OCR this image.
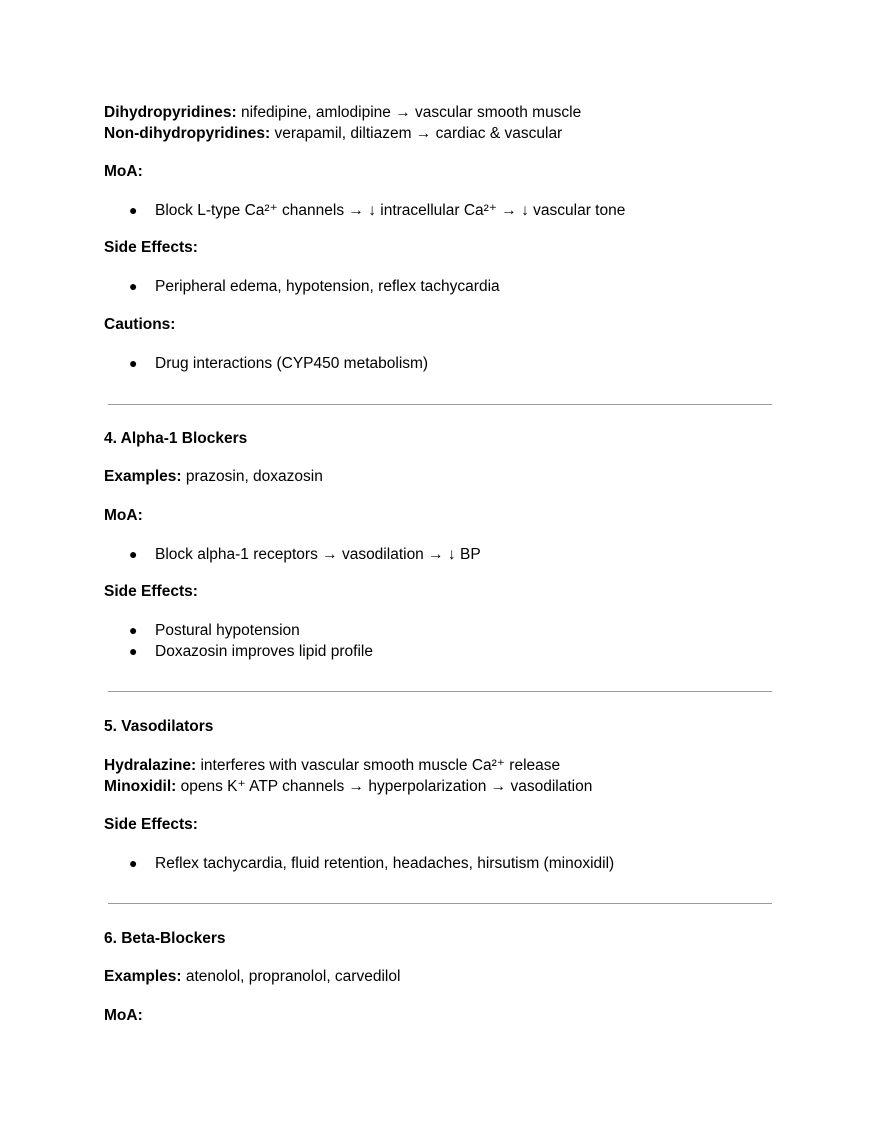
Dihydropyridines: nifedipine, amlodipine → vascular smooth muscle
Non-dihydropyridines: verapamil, diltiazem → cardiac & vascular
MoA:
● Block L-type Ca²⁺ channels → ↓ intracellular Ca²⁺ → ↓ vascular tone
Side Effects:
● Peripheral edema, hypotension, reflex tachycardia
Cautions:
● Drug interactions (CYP450 metabolism)
4. Alpha-1 Blockers
Examples: prazosin, doxazosin
MoA:
● Block alpha-1 receptors → vasodilation → ↓ BP
Side Effects:
● Postural hypotension
● Doxazosin improves lipid profile
5. Vasodilators
Hydralazine: interferes with vascular smooth muscle Ca²⁺ release
Minoxidil: opens K⁺ ATP channels → hyperpolarization → vasodilation
Side Effects:
● Reflex tachycardia, fluid retention, headaches, hirsutism (minoxidil)
6. Beta-Blockers
Examples: atenolol, propranolol, carvedilol
MoA:
